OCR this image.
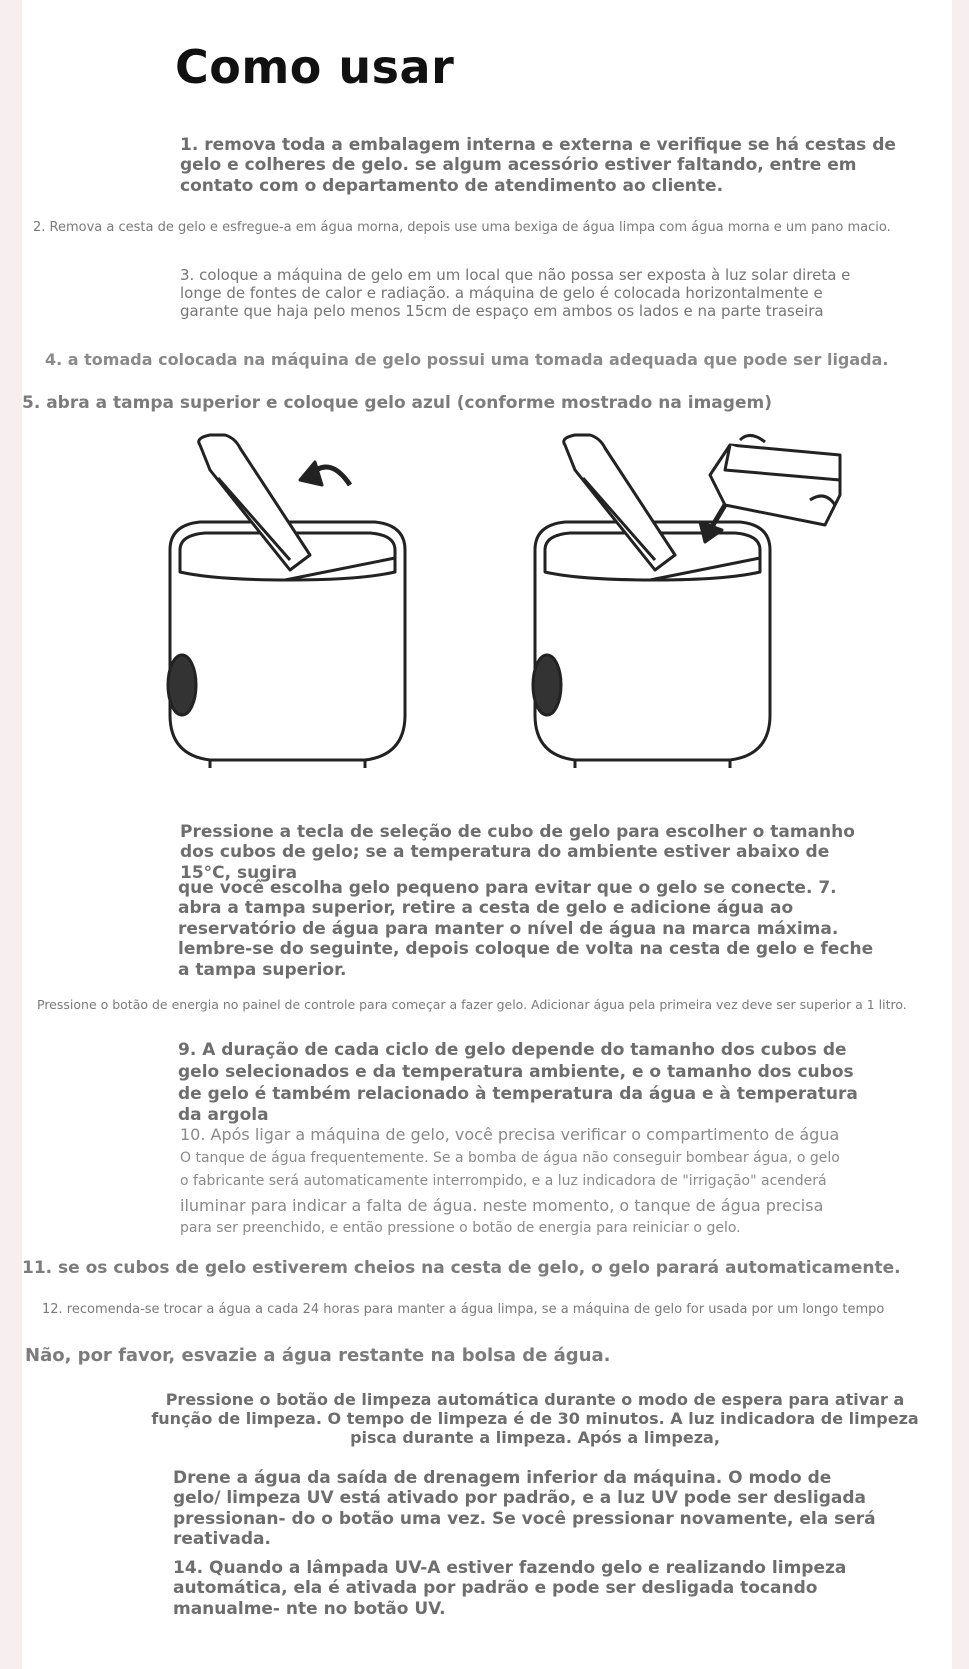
Como usar

1. remova toda a embalagem interna e externa e verifique se há cestas de gelo e colheres de gelo. se algum acessório estiver faltando, entre em contato com o departamento de atendimento ao cliente.

2. Remova a cesta de gelo e esfregue-a em água morna, depois use uma bexiga de água limpa com água morna e um pano macio.

3. coloque a máquina de gelo em um local que não possa ser exposta à luz solar direta e longe de fontes de calor e radiação. a máquina de gelo é colocada horizontalmente e garante que haja pelo menos 15cm de espaço em ambos os lados e na parte traseira

4. a tomada colocada na máquina de gelo possui uma tomada adequada que pode ser ligada.

5. abra a tampa superior e coloque gelo azul (conforme mostrado na imagem)

Pressione a tecla de seleção de cubo de gelo para escolher o tamanho dos cubos de gelo; se a temperatura do ambiente estiver abaixo de 15°C, sugira

que você escolha gelo pequeno para evitar que o gelo se conecte. 7. abra a tampa superior, retire a cesta de gelo e adicione água ao reservatório de água para manter o nível de água na marca máxima. lembre-se do seguinte, depois coloque de volta na cesta de gelo e feche a tampa superior.

Pressione o botão de energia no painel de controle para começar a fazer gelo. Adicionar água pela primeira vez deve ser superior a 1 litro.

9. A duração de cada ciclo de gelo depende do tamanho dos cubos de gelo selecionados e da temperatura ambiente, e o tamanho dos cubos de gelo é também relacionado à temperatura da água e à temperatura da argola

10. Após ligar a máquina de gelo, você precisa verificar o compartimento de água

O tanque de água frequentemente. Se a bomba de água não conseguir bombear água, o gelo

o fabricante será automaticamente interrompido, e a luz indicadora de "irrigação" acenderá

iluminar para indicar a falta de água. neste momento, o tanque de água precisa

para ser preenchido, e então pressione o botão de energia para reiniciar o gelo.

11. se os cubos de gelo estiverem cheios na cesta de gelo, o gelo parará automaticamente.

12. recomenda-se trocar a água a cada 24 horas para manter a água limpa, se a máquina de gelo for usada por um longo tempo

Não, por favor, esvazie a água restante na bolsa de água.

Pressione o botão de limpeza automática durante o modo de espera para ativar a função de limpeza. O tempo de limpeza é de 30 minutos. A luz indicadora de limpeza pisca durante a limpeza. Após a limpeza,

Drene a água da saída de drenagem inferior da máquina. O modo de gelo/ limpeza UV está ativado por padrão, e a luz UV pode ser desligada pressionan- do o botão uma vez. Se você pressionar novamente, ela será reativada.

14. Quando a lâmpada UV-A estiver fazendo gelo e realizando limpeza automática, ela é ativada por padrão e pode ser desligada tocando manualme- nte no botão UV.
